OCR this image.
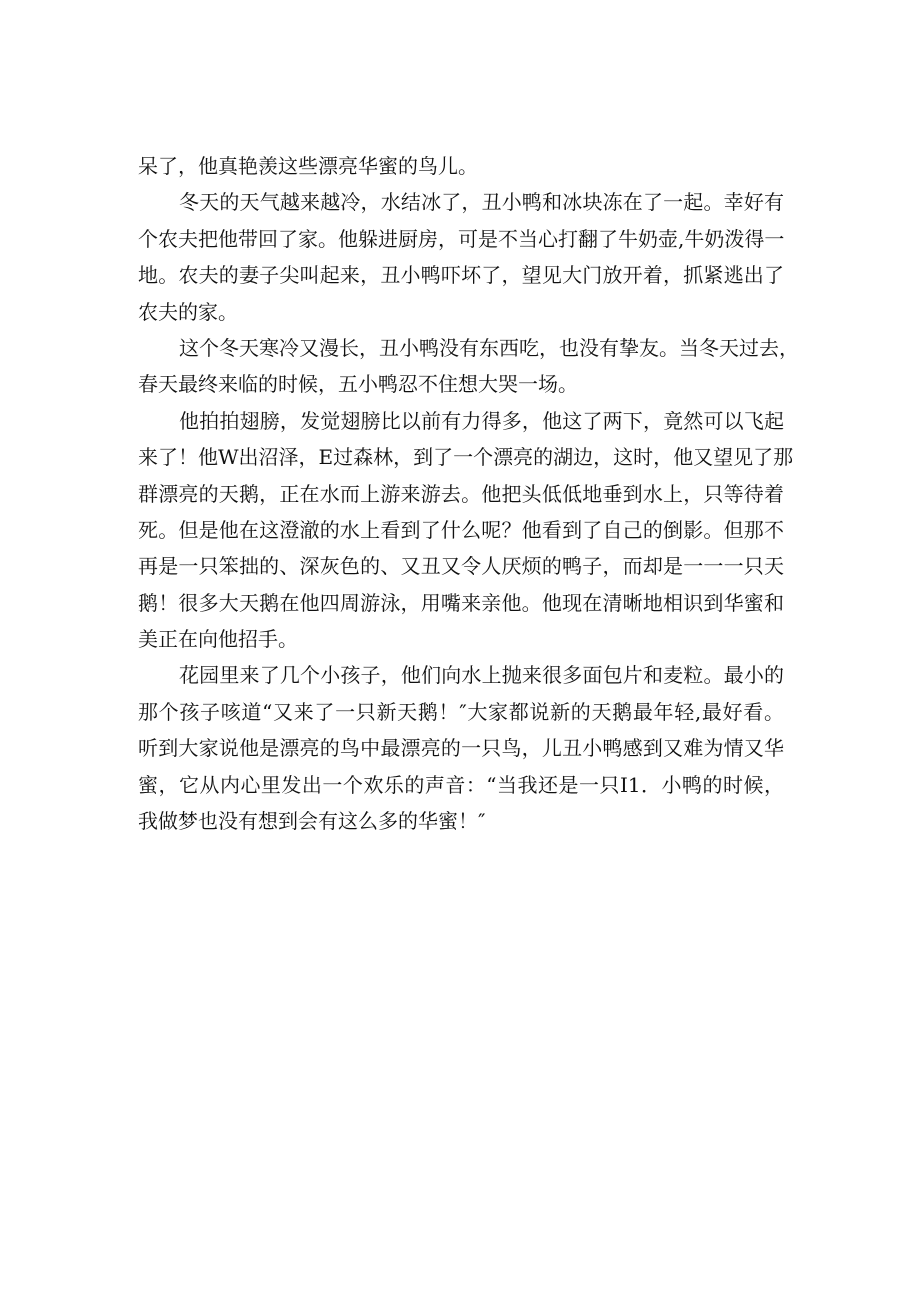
呆了，他真艳羡这些漂亮华蜜的鸟儿。
冬天的天气越来越冷，水结冰了，丑小鸭和冰块冻在了一起。幸好有
个农夫把他带回了家。他躲进厨房，可是不当心打翻了牛奶壶,牛奶泼得一
地。农夫的妻子尖叫起来，丑小鸭吓坏了，望见大门放开着，抓紧逃出了
农夫的家。
这个冬天寒冷又漫长，丑小鸭没有东西吃，也没有挚友。当冬天过去，
春天最终来临的时候，五小鸭忍不住想大哭一场。
他拍拍翅膀，发觉翅膀比以前有力得多，他这了两下，竟然可以飞起
来了！他W出沼泽，E过森林，到了一个漂亮的湖边，这时，他又望见了那
群漂亮的天鹅，正在水而上游来游去。他把头低低地垂到水上，只等待着
死。但是他在这澄澈的水上看到了什么呢？他看到了自己的倒影。但那不
再是一只笨拙的、深灰色的、又丑又令人厌烦的鸭子，而却是一一一只天
鹅！很多大天鹅在他四周游泳，用嘴来亲他。他现在清晰地相识到华蜜和
美正在向他招手。
花园里来了几个小孩子，他们向水上抛来很多面包片和麦粒。最小的
那个孩子咳道“又来了一只新天鹅！″大家都说新的天鹅最年轻,最好看。
听到大家说他是漂亮的鸟中最漂亮的一只鸟，儿丑小鸭感到又难为情又华
蜜，它从内心里发出一个欢乐的声音：“当我还是一只I1．小鸭的时候，
我做梦也没有想到会有这么多的华蜜！″
